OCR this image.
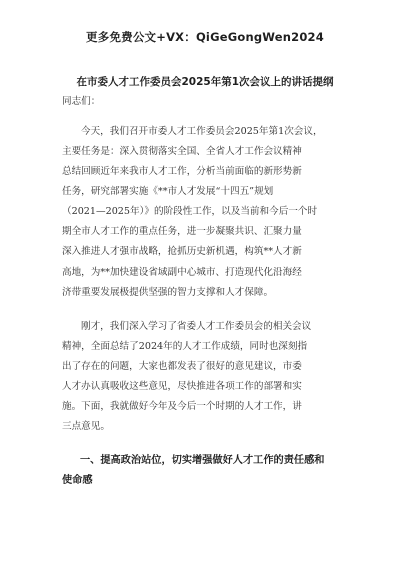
更多免费公文+VX：QiGeGongWen2024
在市委人才工作委员会2025年第1次会议上的讲话提纲
同志们：
今天，我们召开市委人才工作委员会2025年第1次会议，
主要任务是：深入贯彻落实全国、全省人才工作会议精神
总结回顾近年来我市人才工作，分析当前面临的新形势新
任务，研究部署实施《**市人才发展“十四五”规划
（2021—2025年）》的阶段性工作，以及当前和今后一个时
期全市人才工作的重点任务，进一步凝聚共识、汇聚力量
深入推进人才强市战略，抢抓历史新机遇，构筑**人才新
高地，为**加快建设省域副中心城市、打造现代化沿海经
济带重要发展极提供坚强的智力支撑和人才保障。
刚才，我们深入学习了省委人才工作委员会的相关会议
精神，全面总结了2024年的人才工作成绩，同时也深刻指
出了存在的问题，大家也都发表了很好的意见建议，市委
人才办认真吸收这些意见，尽快推进各项工作的部署和实
施。下面，我就做好今年及今后一个时期的人才工作，讲
三点意见。
一、提高政治站位，切实增强做好人才工作的责任感和
使命感
